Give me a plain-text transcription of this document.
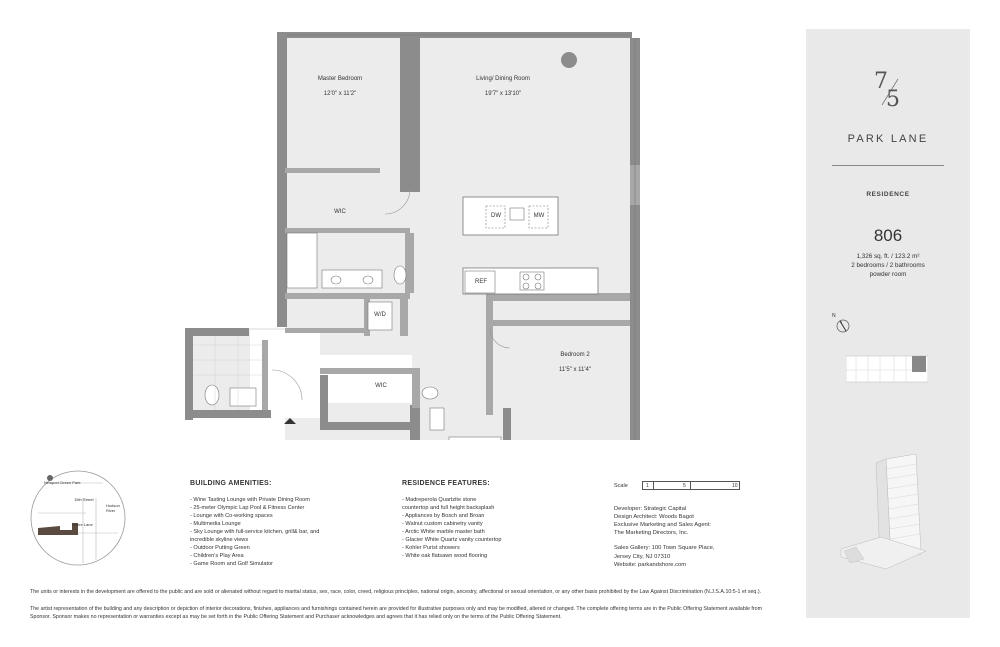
Master Bedroom

12'0" x 11'2"

Living/ Dining Room

19'7" x 13'10"

Bedroom 2

11'5" x 11'4"

WIC
WIC
W/D
REF
DW	MW
Newport Green Park
15th Street
Shore Lane
Hudson
River
BUILDING AMENITIES:
- Wine Tasting Lounge with Private Dining Room
- 25-meter Olympic Lap Pool & Fitness Center
- Lounge with Co-working spaces
- Multimedia Lounge
- Sky Lounge with full-service kitchen, grill& bar, and
incredible skyline views
- Outdoor Putting Green
- Children's Play Area
- Game Room and Golf Simulator
RESIDENCE FEATURES:
- Madreperola Quartzite stone
countertop and full height backsplash
- Appliances by Bosch and Broan
- Walnut custom cabinetry vanity
- Arctic White marble master bath
- Glacier White Quartz vanity countertop
- Kohler Purist showers
- White oak flatsawn wood flooring
Scale	1	5	10
Developer: Strategic Capital
Design Architect: Woods Bagot
Exclusive Marketing and Sales Agent:
The Marketing Directors, Inc.
Sales Gallery: 100 Town Square Place,
Jersey City, NJ 07310
Website: parkandshore.com
The units or interests in the development are offered to the public and are sold or alienated without regard to marital status, sex, race, color, creed, religious principles, national origin, ancestry, affectional or sexual orientation, or any other basis prohibited by the Law Against Discrimination (N.J.S.A.10:5-1 et seq.).
The artist representation of the building and any description or depiction of interior decorations, finishes, appliances and furnishings contained herein are provided for illustrative purposes only and may be modified, altered or changed. The complete offering terms are in the Public Offering Statement available from Sponsor. Sponsor makes no representation or warranties except as may be set forth in the Public Offering Statement and Purchaser acknowledges and agrees that it has relied only on the terms of the Public Offering Statement.
7
5
PARK LANE
RESIDENCE
806
1,326 sq. ft. / 123.2 m²
2 bedrooms / 2 bathrooms
powder room
N
